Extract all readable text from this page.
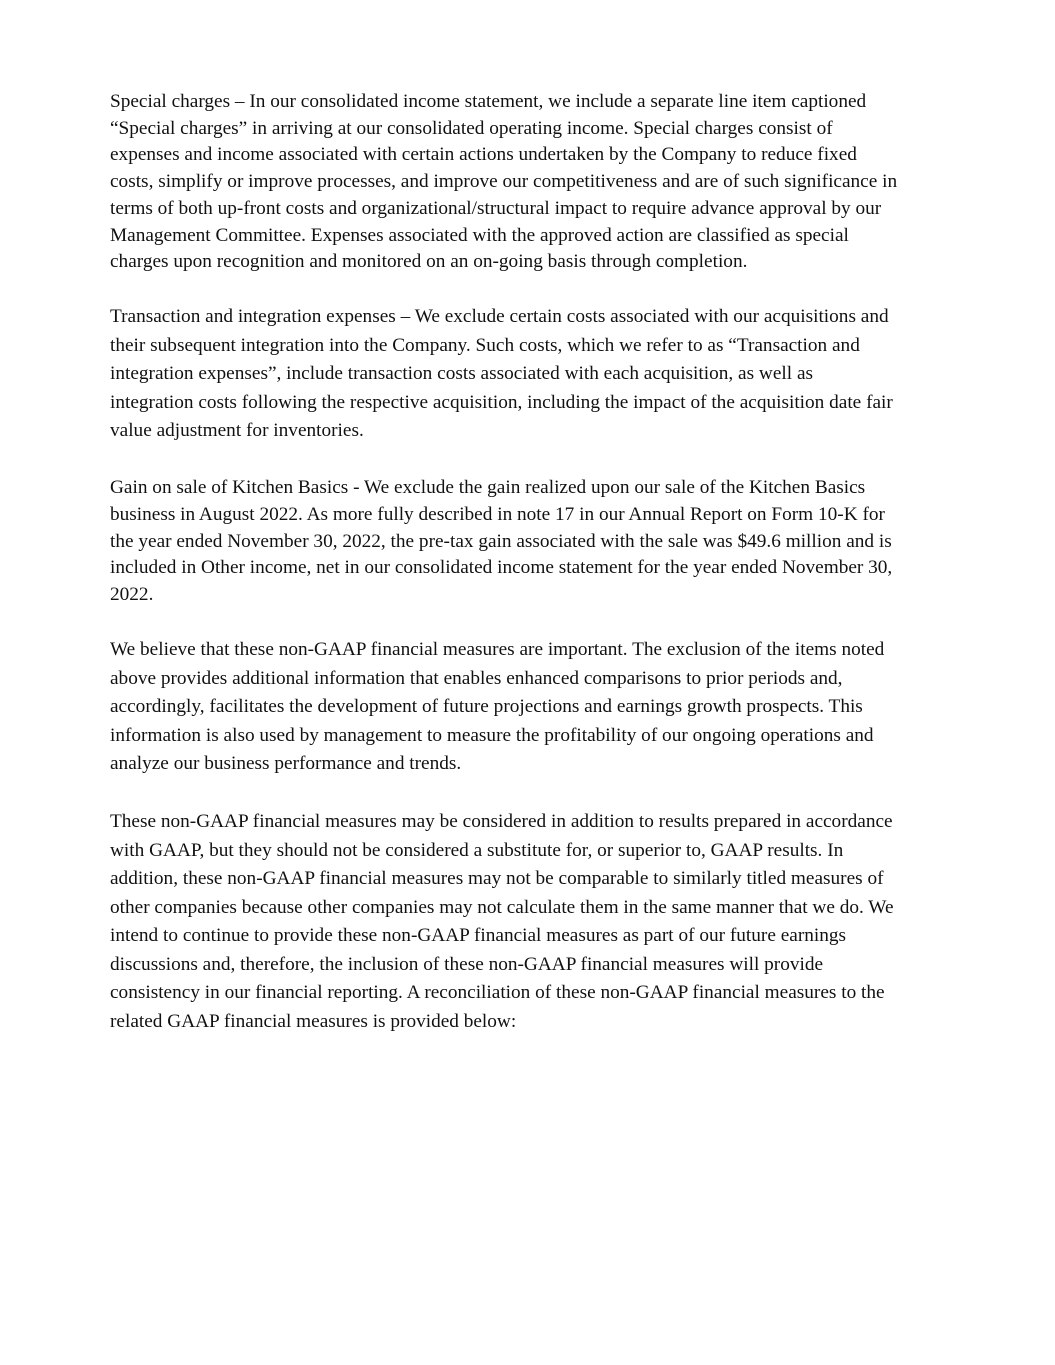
Special charges – In our consolidated income statement, we include a separate line item captioned
“Special charges” in arriving at our consolidated operating income. Special charges consist of
expenses and income associated with certain actions undertaken by the Company to reduce fixed
costs, simplify or improve processes, and improve our competitiveness and are of such significance in
terms of both up-front costs and organizational/structural impact to require advance approval by our
Management Committee. Expenses associated with the approved action are classified as special
charges upon recognition and monitored on an on-going basis through completion.
Transaction and integration expenses – We exclude certain costs associated with our acquisitions and
their subsequent integration into the Company. Such costs, which we refer to as “Transaction and
integration expenses”, include transaction costs associated with each acquisition, as well as
integration costs following the respective acquisition, including the impact of the acquisition date fair
value adjustment for inventories.
Gain on sale of Kitchen Basics - We exclude the gain realized upon our sale of the Kitchen Basics
business in August 2022. As more fully described in note 17 in our Annual Report on Form 10-K for
the year ended November 30, 2022, the pre-tax gain associated with the sale was $49.6 million and is
included in Other income, net in our consolidated income statement for the year ended November 30,
2022.
We believe that these non-GAAP financial measures are important. The exclusion of the items noted
above provides additional information that enables enhanced comparisons to prior periods and,
accordingly, facilitates the development of future projections and earnings growth prospects. This
information is also used by management to measure the profitability of our ongoing operations and
analyze our business performance and trends.
These non-GAAP financial measures may be considered in addition to results prepared in accordance
with GAAP, but they should not be considered a substitute for, or superior to, GAAP results. In
addition, these non-GAAP financial measures may not be comparable to similarly titled measures of
other companies because other companies may not calculate them in the same manner that we do. We
intend to continue to provide these non-GAAP financial measures as part of our future earnings
discussions and, therefore, the inclusion of these non-GAAP financial measures will provide
consistency in our financial reporting. A reconciliation of these non-GAAP financial measures to the
related GAAP financial measures is provided below:
